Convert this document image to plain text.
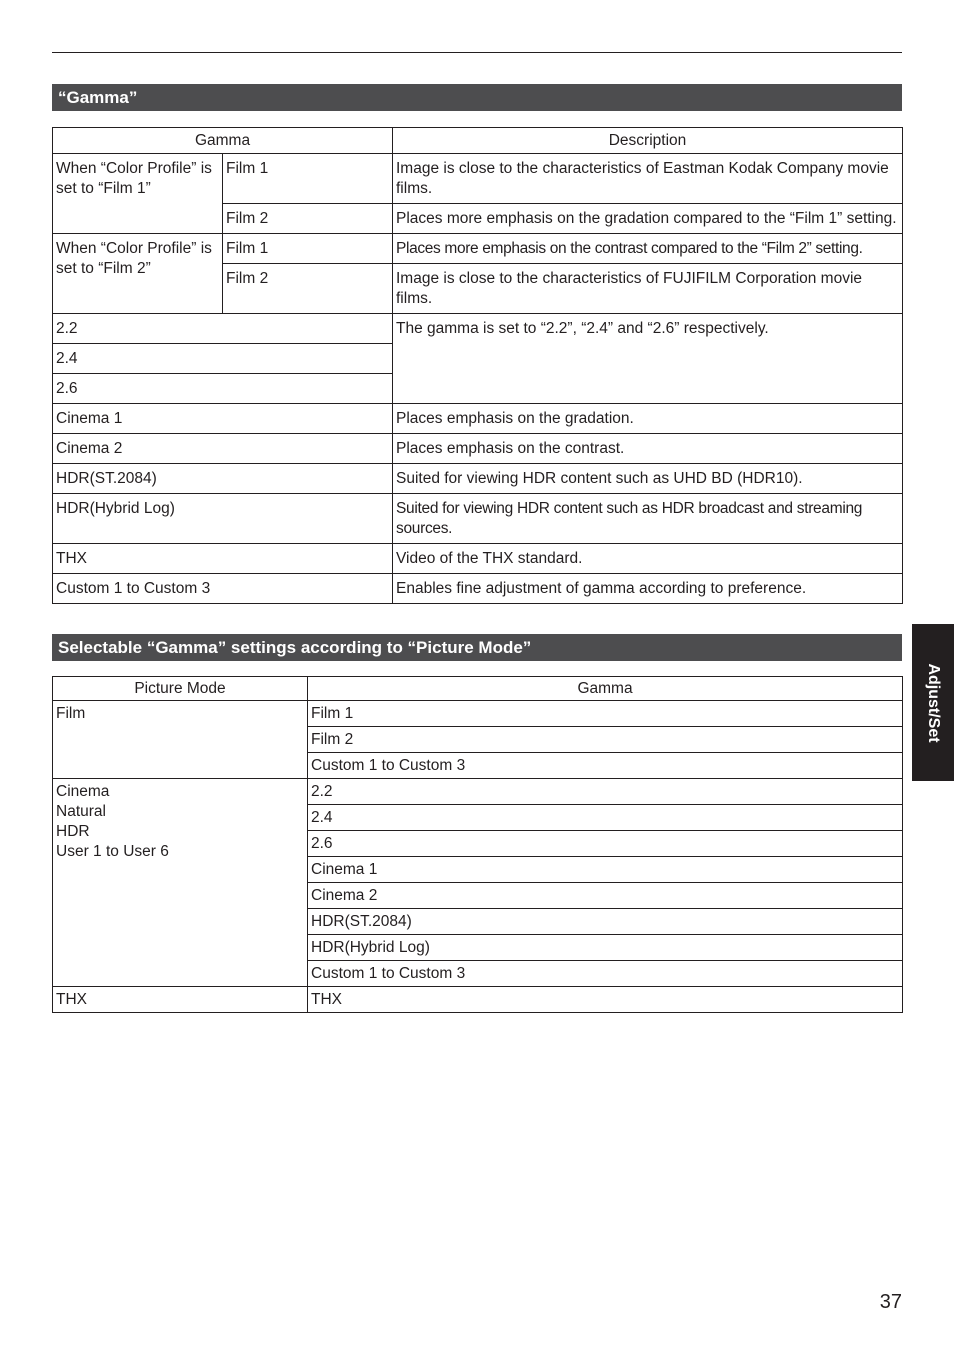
“Gamma”
Gamma		Description
When “Color Profile” is set to “Film 1”	Film 1	Image is close to the characteristics of Eastman Kodak Company movie films.
	Film 2	Places more emphasis on the gradation compared to the “Film 1” setting.
When “Color Profile” is set to “Film 2”	Film 1	Places more emphasis on the contrast compared to the “Film 2” setting.
	Film 2	Image is close to the characteristics of FUJIFILM Corporation movie films.
2.2		The gamma is set to “2.2”, “2.4” and “2.6” respectively.
2.4		
2.6		
Cinema 1		Places emphasis on the gradation.
Cinema 2		Places emphasis on the contrast.
HDR(ST.2084)		Suited for viewing HDR content such as UHD BD (HDR10).
HDR(Hybrid Log)		Suited for viewing HDR content such as HDR broadcast and streaming sources.
THX		Video of the THX standard.
Custom 1 to Custom 3		Enables fine adjustment of gamma according to preference.
Selectable “Gamma” settings according to “Picture Mode”
Picture Mode	Gamma
Film	Film 1
	Film 2
	Custom 1 to Custom 3
Cinema
Natural
HDR
User 1 to User 6	2.2
	2.4
	2.6
	Cinema 1
	Cinema 2
	HDR(ST.2084)
	HDR(Hybrid Log)
	Custom 1 to Custom 3
THX	THX
Adjust/Set
37
